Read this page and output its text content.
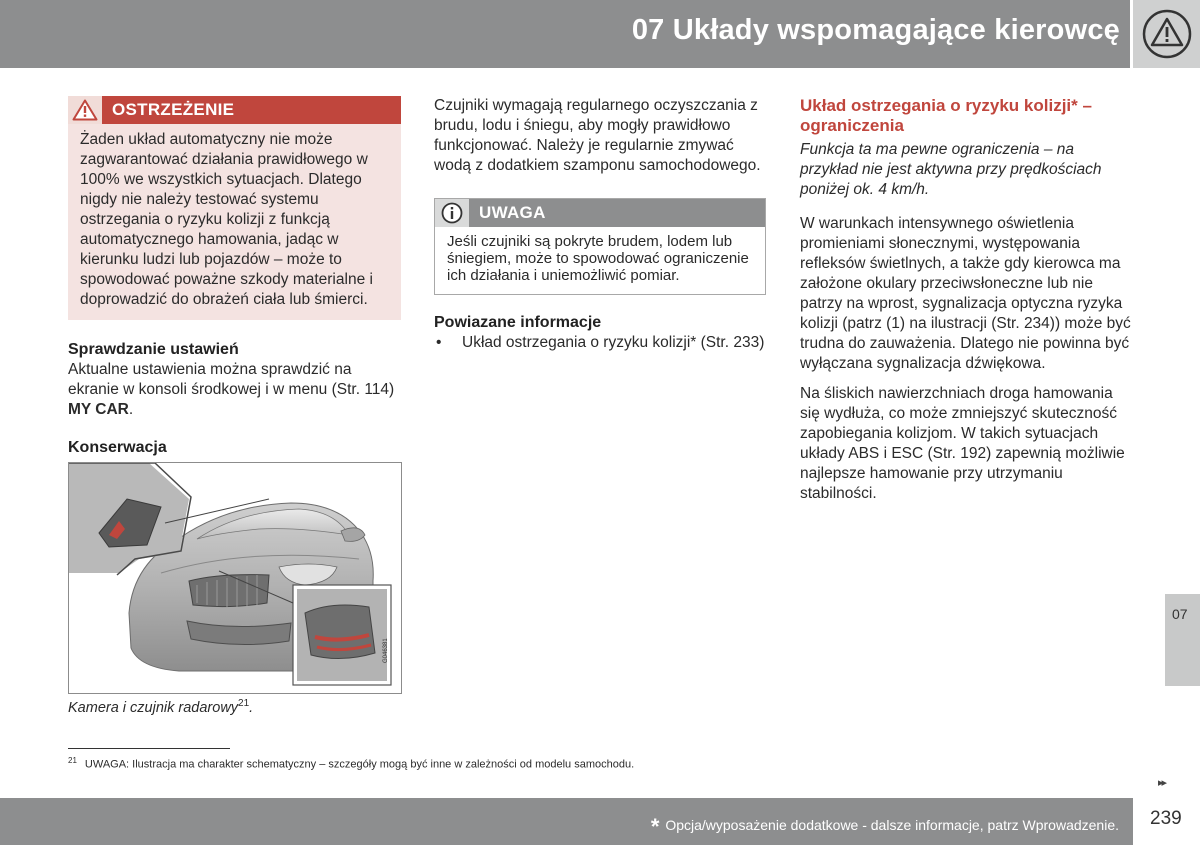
07 Układy wspomagające kierowcę
OSTRZEŻENIE
Żaden układ automatyczny nie może zagwarantować działania prawidłowego w 100% we wszystkich sytuacjach. Dlatego nigdy nie należy testować systemu ostrzegania o ryzyku kolizji z funkcją automatycznego hamowania, jadąc w kierunku ludzi lub pojazdów – może to spowodować poważne szkody materialne i doprowadzić do obrażeń ciała lub śmierci.
Sprawdzanie ustawień
Aktualne ustawienia można sprawdzić na ekranie w konsoli środkowej i w menu (Str. 114) MY CAR.
Konserwacja
G046381
Kamera i czujnik radarowy$^{21}$.
Czujniki wymagają regularnego oczyszczania z brudu, lodu i śniegu, aby mogły prawidłowo funkcjonować. Należy je regularnie zmywać wodą z dodatkiem szamponu samochodowego.
UWAGA
Jeśli czujniki są pokryte brudem, lodem lub śniegiem, może to spowodować ograniczenie ich działania i uniemożliwić pomiar.
Powiazane informacje
•	Układ ostrzegania o ryzyku kolizji* (Str. 233)
Układ ostrzegania o ryzyku kolizji* – ograniczenia
Funkcja ta ma pewne ograniczenia – na przykład nie jest aktywna przy prędkościach poniżej ok. 4 km/h.
W warunkach intensywnego oświetlenia promieniami słonecznymi, występowania refleksów świetlnych, a także gdy kierowca ma założone okulary przeciwsłoneczne lub nie patrzy na wprost, sygnalizacja optyczna ryzyka kolizji (patrz (1) na ilustracji (Str. 234)) może być trudna do zauważenia. Dlatego nie powinna być wyłączana sygnalizacja dźwiękowa.
Na śliskich nawierzchniach droga hamowania się wydłuża, co może zmniejszyć skuteczność zapobiegania kolizjom. W takich sytuacjach układy ABS i ESC (Str. 192) zapewnią możliwie najlepsze hamowanie przy utrzymaniu stabilności.
07
$^{21}$ UWAGA: Ilustracja ma charakter schematyczny – szczegóły mogą być inne w zależności od modelu samochodu.
▸▸
* Opcja/wyposażenie dodatkowe - dalsze informacje, patrz Wprowadzenie. 239
